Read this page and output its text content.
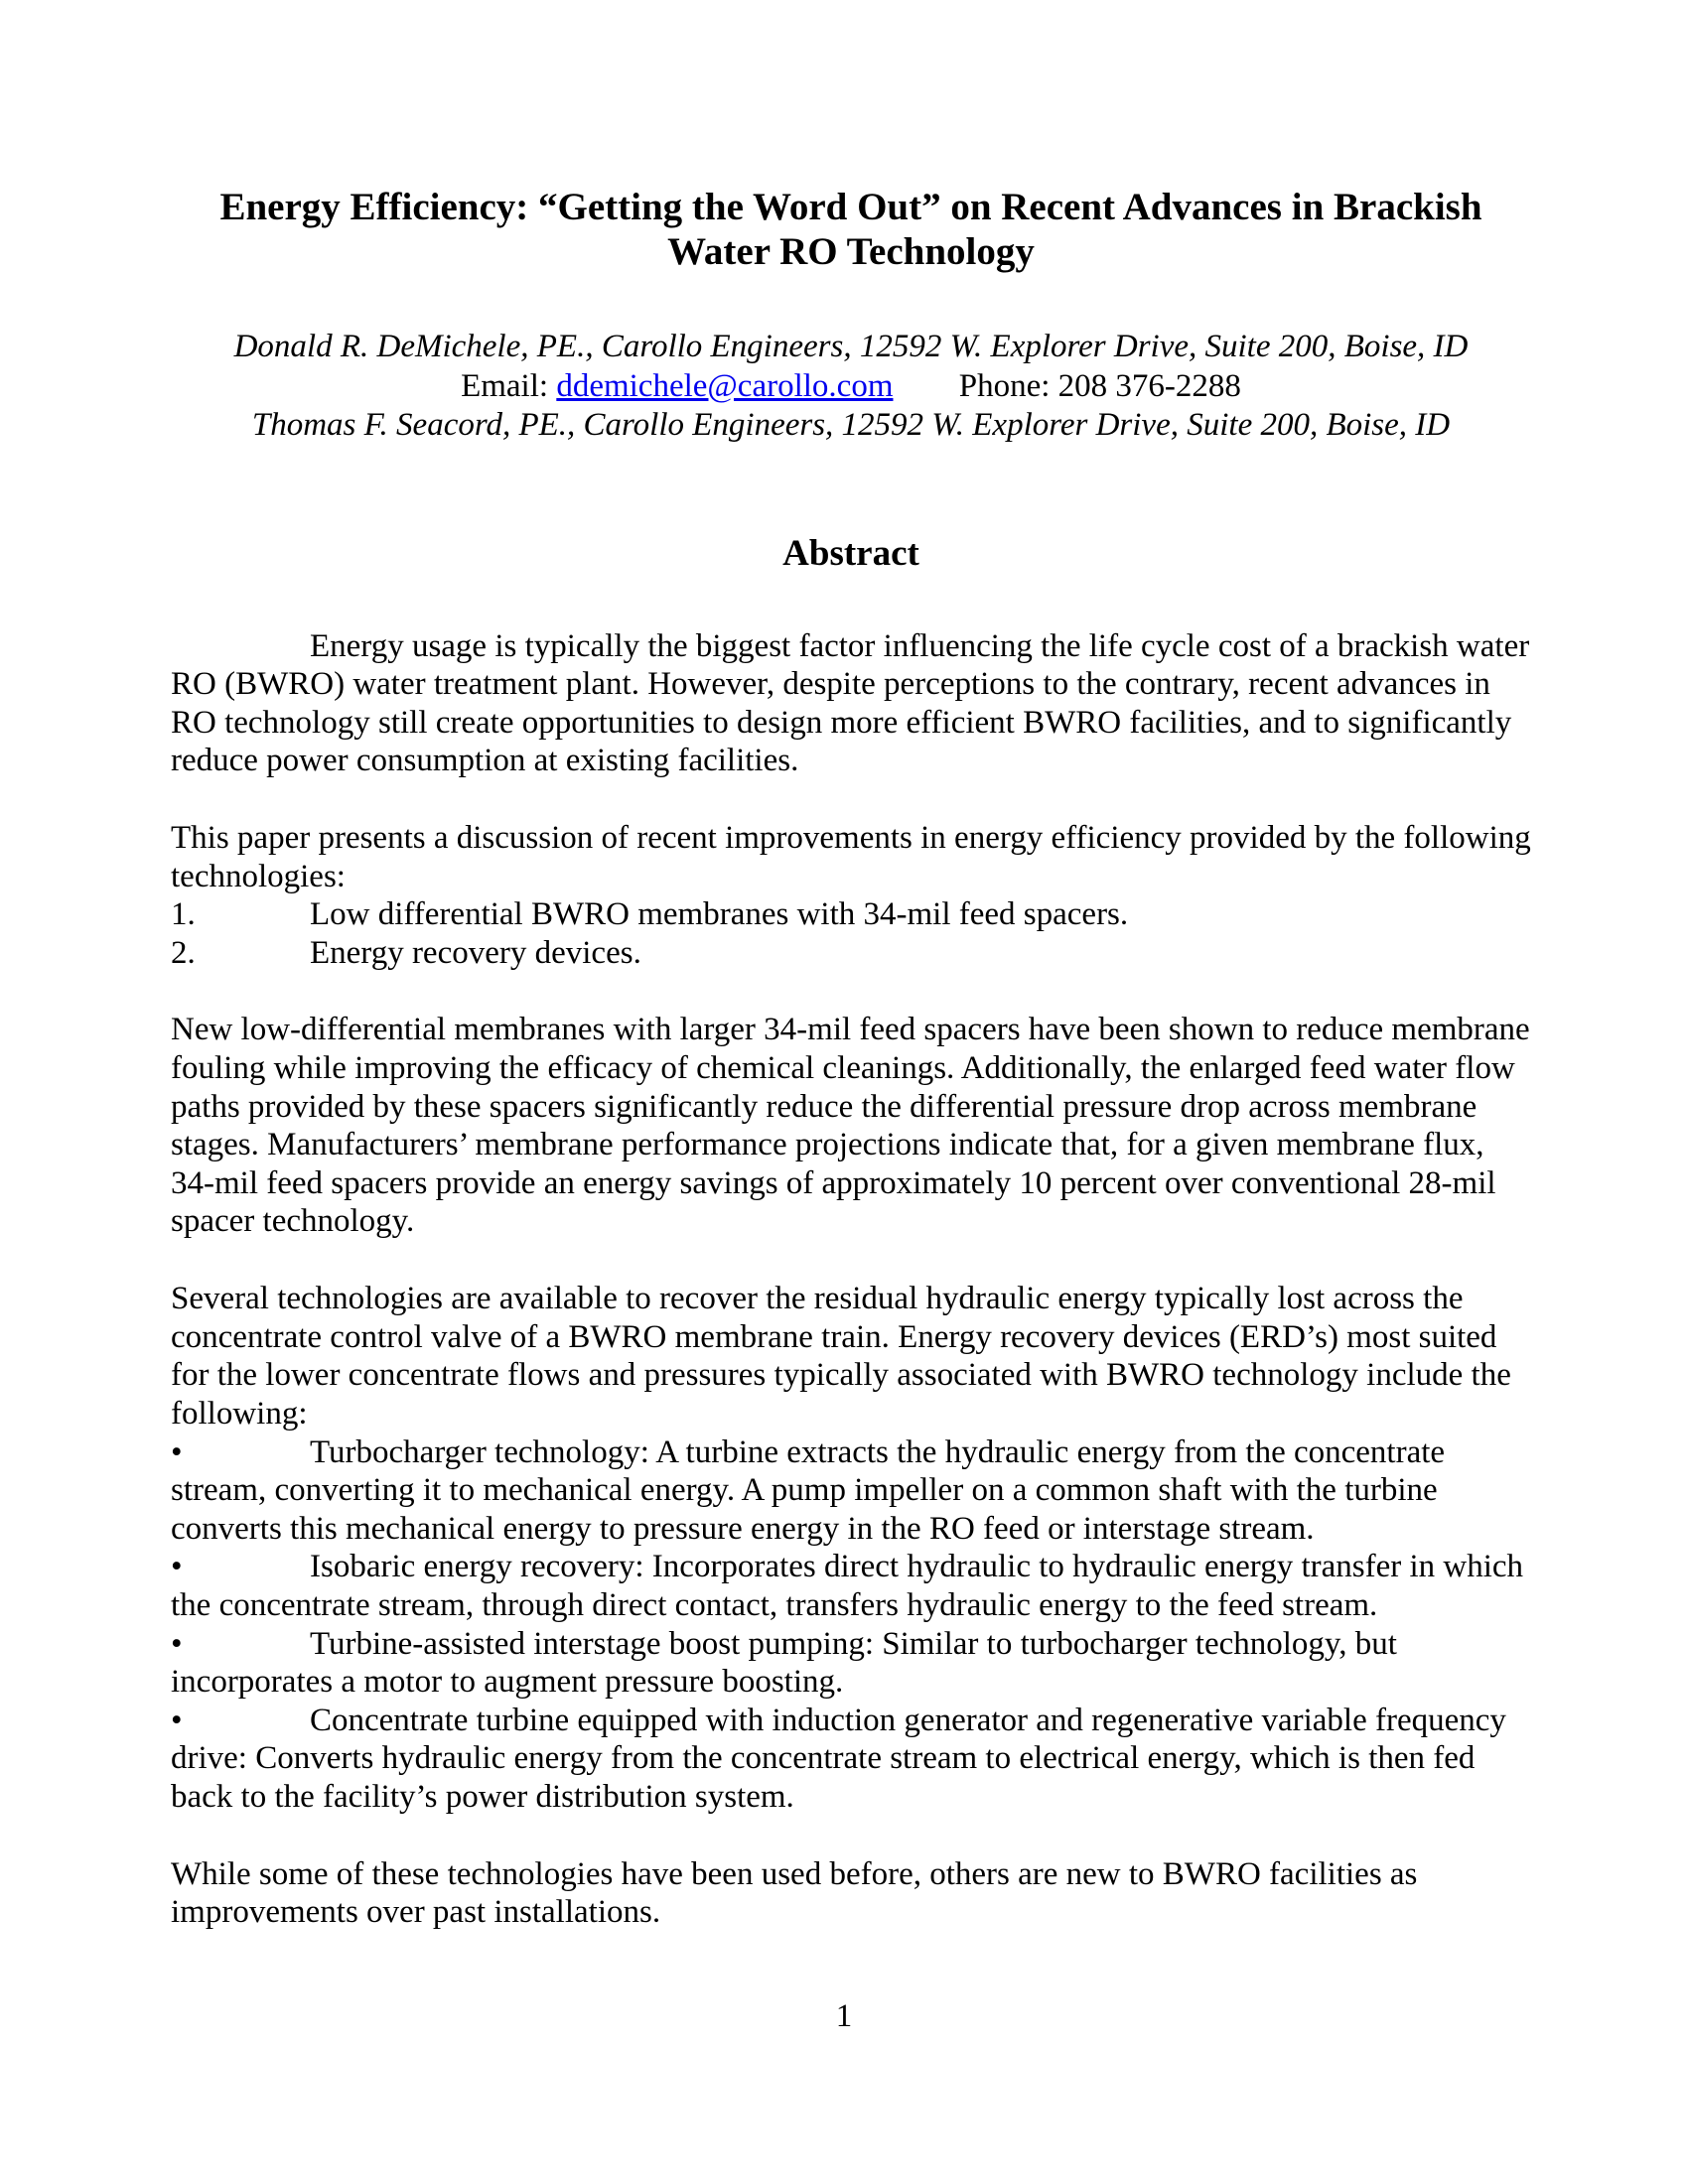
Energy Efficiency: “Getting the Word Out” on Recent Advances in Brackish
Water RO Technology
Donald R. DeMichele, PE., Carollo Engineers, 12592 W. Explorer Drive, Suite 200, Boise, ID
Email: ddemichele@carollo.com Phone: 208 376-2288
Thomas F. Seacord, PE., Carollo Engineers, 12592 W. Explorer Drive, Suite 200, Boise, ID
Abstract

Energy usage is typically the biggest factor influencing the life cycle cost of a brackish water RO (BWRO) water treatment plant. However, despite perceptions to the contrary, recent advances in RO technology still create opportunities to design more efficient BWRO facilities, and to significantly reduce power consumption at existing facilities.

This paper presents a discussion of recent improvements in energy efficiency provided by the following technologies:

1.	Low differential BWRO membranes with 34-mil feed spacers.
2.	Energy recovery devices.

New low-differential membranes with larger 34-mil feed spacers have been shown to reduce membrane fouling while improving the efficacy of chemical cleanings. Additionally, the enlarged feed water flow paths provided by these spacers significantly reduce the differential pressure drop across membrane stages. Manufacturers’ membrane performance projections indicate that, for a given membrane flux, 34-mil feed spacers provide an energy savings of approximately 10 percent over conventional 28-mil spacer technology.

Several technologies are available to recover the residual hydraulic energy typically lost across the concentrate control valve of a BWRO membrane train. Energy recovery devices (ERD’s) most suited for the lower concentrate flows and pressures typically associated with BWRO technology include the following:

•	Turbocharger technology: A turbine extracts the hydraulic energy from the concentrate stream, converting it to mechanical energy. A pump impeller on a common shaft with the turbine converts this mechanical energy to pressure energy in the RO feed or interstage stream.
•	Isobaric energy recovery: Incorporates direct hydraulic to hydraulic energy transfer in which the concentrate stream, through direct contact, transfers hydraulic energy to the feed stream.
•	Turbine-assisted interstage boost pumping: Similar to turbocharger technology, but incorporates a motor to augment pressure boosting.
•	Concentrate turbine equipped with induction generator and regenerative variable frequency drive: Converts hydraulic energy from the concentrate stream to electrical energy, which is then fed back to the facility’s power distribution system.

While some of these technologies have been used before, others are new to BWRO facilities as improvements over past installations.

1
